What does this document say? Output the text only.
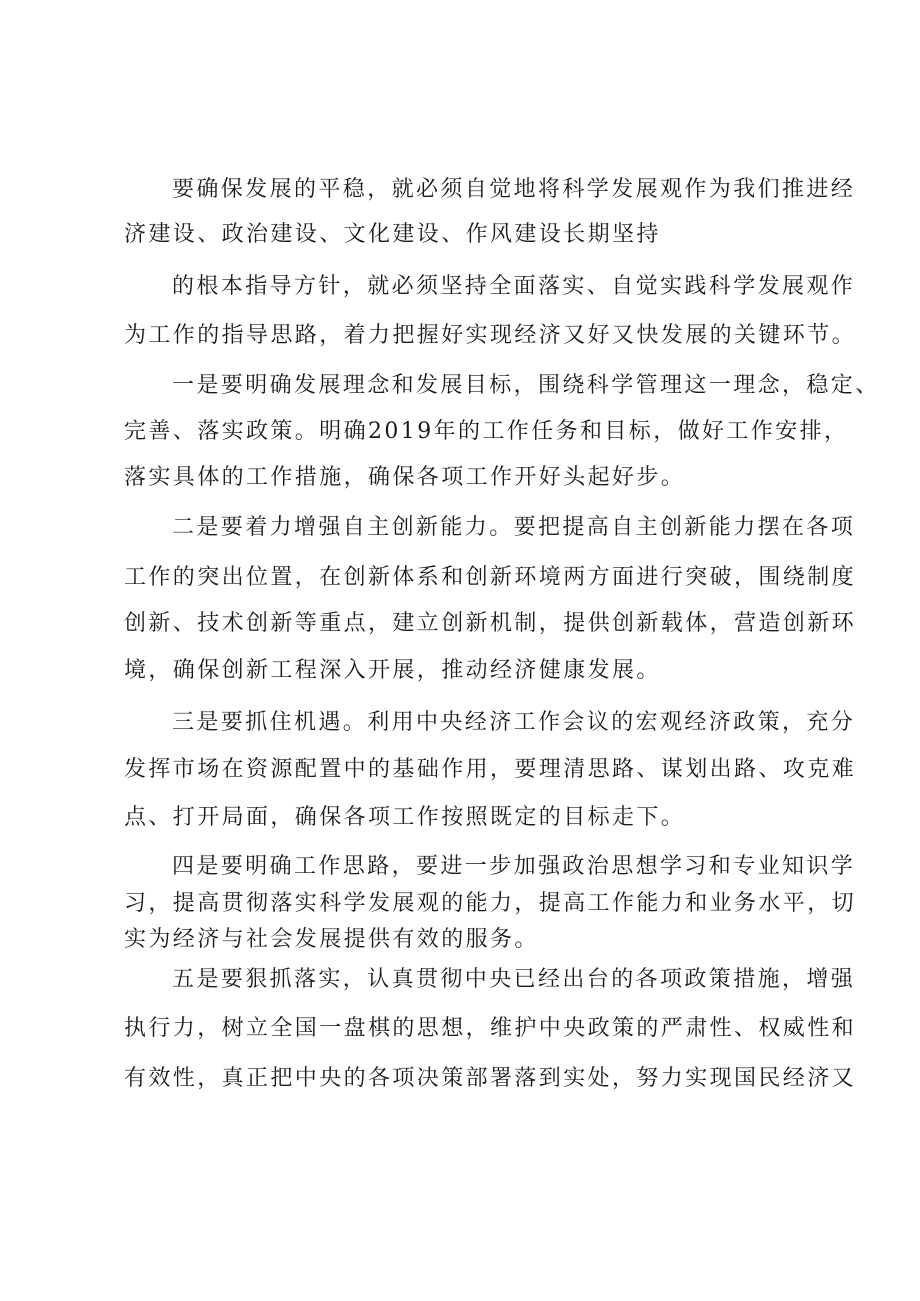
要确保发展的平稳，就必须自觉地将科学发展观作为我们推进经
济建设、政治建设、文化建设、作风建设长期坚持
的根本指导方针，就必须坚持全面落实、自觉实践科学发展观作
为工作的指导思路，着力把握好实现经济又好又快发展的关键环节。
一是要明确发展理念和发展目标，围绕科学管理这一理念，稳定、
完善、落实政策。明确2019年的工作任务和目标，做好工作安排，
落实具体的工作措施，确保各项工作开好头起好步。
二是要着力增强自主创新能力。要把提高自主创新能力摆在各项
工作的突出位置，在创新体系和创新环境两方面进行突破，围绕制度
创新、技术创新等重点，建立创新机制，提供创新载体，营造创新环
境，确保创新工程深入开展，推动经济健康发展。
三是要抓住机遇。利用中央经济工作会议的宏观经济政策，充分
发挥市场在资源配置中的基础作用，要理清思路、谋划出路、攻克难
点、打开局面，确保各项工作按照既定的目标走下。
四是要明确工作思路，要进一步加强政治思想学习和专业知识学
习，提高贯彻落实科学发展观的能力，提高工作能力和业务水平，切
实为经济与社会发展提供有效的服务。
五是要狠抓落实，认真贯彻中央已经出台的各项政策措施，增强
执行力，树立全国一盘棋的思想，维护中央政策的严肃性、权威性和
有效性，真正把中央的各项决策部署落到实处，努力实现国民经济又
